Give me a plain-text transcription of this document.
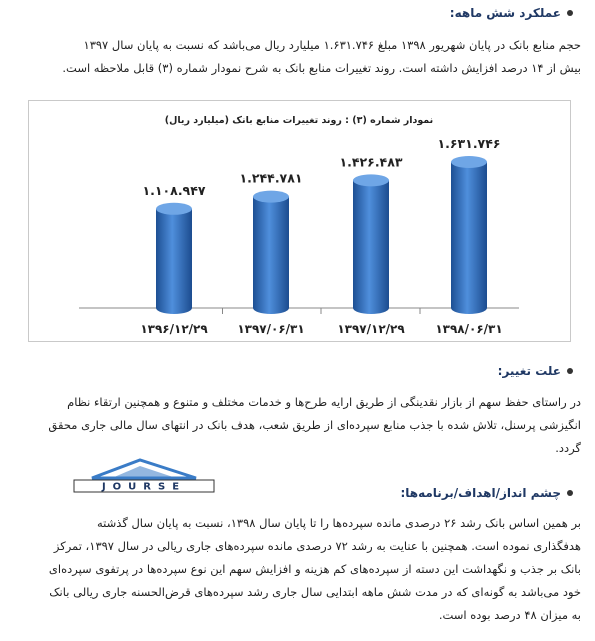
عملکرد شش ماهه:
حجم منابع بانک در پایان شهریور ۱۳۹۸ مبلغ ۱.۶۳۱.۷۴۶ میلیارد ریال می‌باشد که نسبت به پایان سال ۱۳۹۷
بیش از ۱۴ درصد افزایش داشته است. روند تغییرات منابع بانک به شرح نمودار شماره (۳) قابل ملاحظه است.
نمودار شماره (۳) : روند تغییرات منابع بانک (میلیارد ریال)
۱.۱۰۸.۹۴۷
۱۳۹۶/۱۲/۲۹
۱.۲۴۴.۷۸۱
۱۳۹۷/۰۶/۳۱
۱.۴۲۶.۴۸۳
۱۳۹۷/۱۲/۲۹
۱.۶۳۱.۷۴۶
۱۳۹۸/۰۶/۳۱
علت تغییر:
در راستای حفظ سهم از بازار نقدینگی از طریق ارایه طرح‌ها و خدمات مختلف و متنوع و همچنین ارتقاء نظام
انگیزشی پرسنل، تلاش شده با جذب منابع سپرده‌ای از طریق شعب، هدف بانک در انتهای سال مالی جاری محقق
گردد.
JOURSE	چشم انداز/اهداف/برنامه‌ها:
بر همین اساس بانک رشد ۲۶ درصدی مانده سپرده‌ها را تا پایان سال ۱۳۹۸، نسبت به پایان سال گذشته
هدفگذاری نموده است. همچنین با عنایت به رشد ۷۲ درصدی مانده سپرده‌های جاری ریالی در سال ۱۳۹۷، تمرکز
بانک بر جذب و نگهداشت این دسته از سپرده‌های کم هزینه و افزایش سهم این نوع سپرده‌ها در پرتفوی سپرده‌ای
خود می‌باشد به گونه‌ای که در مدت شش ماهه ابتدایی سال جاری رشد سپرده‌های قرض‌الحسنه جاری ریالی بانک
به میزان ۴۸ درصد بوده است.
